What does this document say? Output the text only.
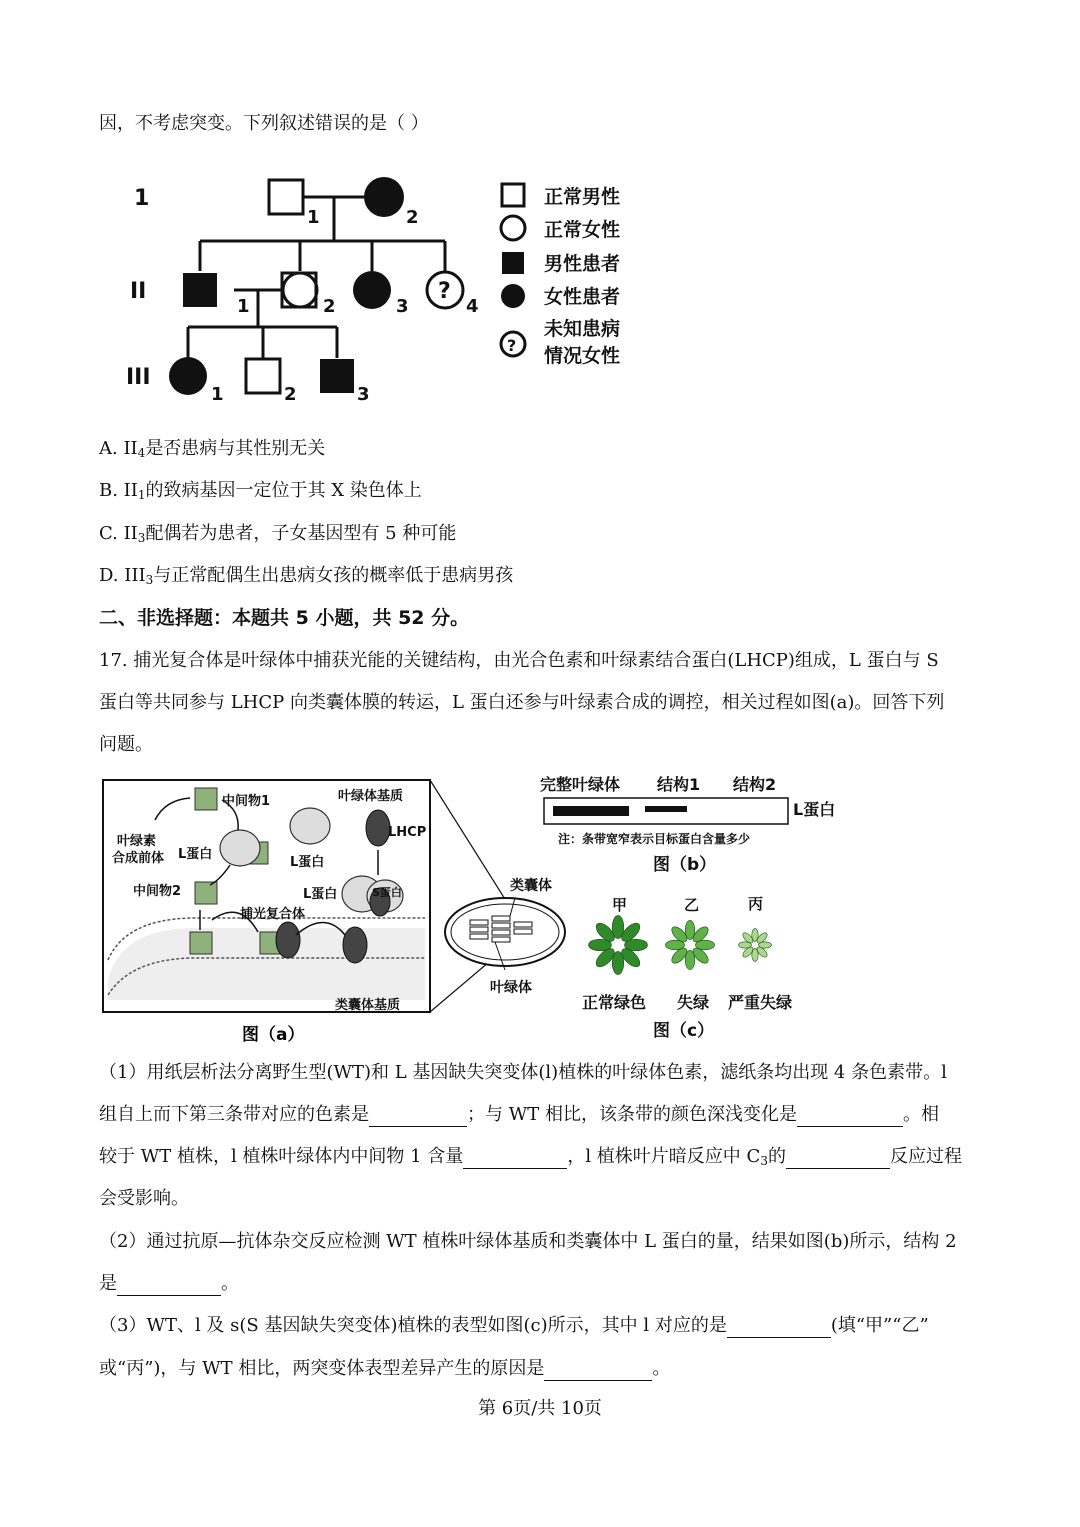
因，不考虑突变。下列叙述错误的是（ ）
1
II
III
1	2
1	2	3	4
1	2	3
?
?
正常男性
正常女性
男性患者
女性患者
未知患病
情况女性
A. $II_4$是否患病与其性别无关
B. $II_1$的致病基因一定位于其 X 染色体上
C. $II_3$配偶若为患者，子女基因型有 5 种可能
D. $III_3$与正常配偶生出患病女孩的概率低于患病男孩
二、非选择题：本题共 5 小题，共 52 分。
17. 捕光复合体是叶绿体中捕获光能的关键结构，由光合色素和叶绿素结合蛋白(LHCP)组成，L 蛋白与 S
蛋白等共同参与 LHCP 向类囊体膜的转运，L 蛋白还参与叶绿素合成的调控，相关过程如图(a)。回答下列
问题。
中间物1	叶绿体基质
叶绿素
合成前体 L蛋白
L蛋白
LHCP
中间物2	L蛋白	S蛋白
捕光复合体
类囊体基质
图（a）
类囊体
叶绿体
完整叶绿体 结构1 结构2
L蛋白
注：条带宽窄表示目标蛋白含量多少
图（b）
甲	乙	丙
正常绿色 失绿 严重失绿
图（c）
（1）用纸层析法分离野生型(WT)和 L 基因缺失突变体(l)植株的叶绿体色素，滤纸条均出现 4 条色素带。l
组自上而下第三条带对应的色素是	；与 WT 相比，该条带的颜色深浅变化是	。相
较于 WT 植株，l 植株叶绿体内中间物 1 含量	，l 植株叶片暗反应中 $C_3$的	反应过程
会受影响。
（2）通过抗原—抗体杂交反应检测 WT 植株叶绿体基质和类囊体中 L 蛋白的量，结果如图(b)所示，结构 2
是	。
（3）WT、l 及 s(S 基因缺失突变体)植株的表型如图(c)所示，其中 l 对应的是	(填“甲”“乙”
或“丙”)，与 WT 相比，两突变体表型差异产生的原因是	。
第 6页/共 10页
